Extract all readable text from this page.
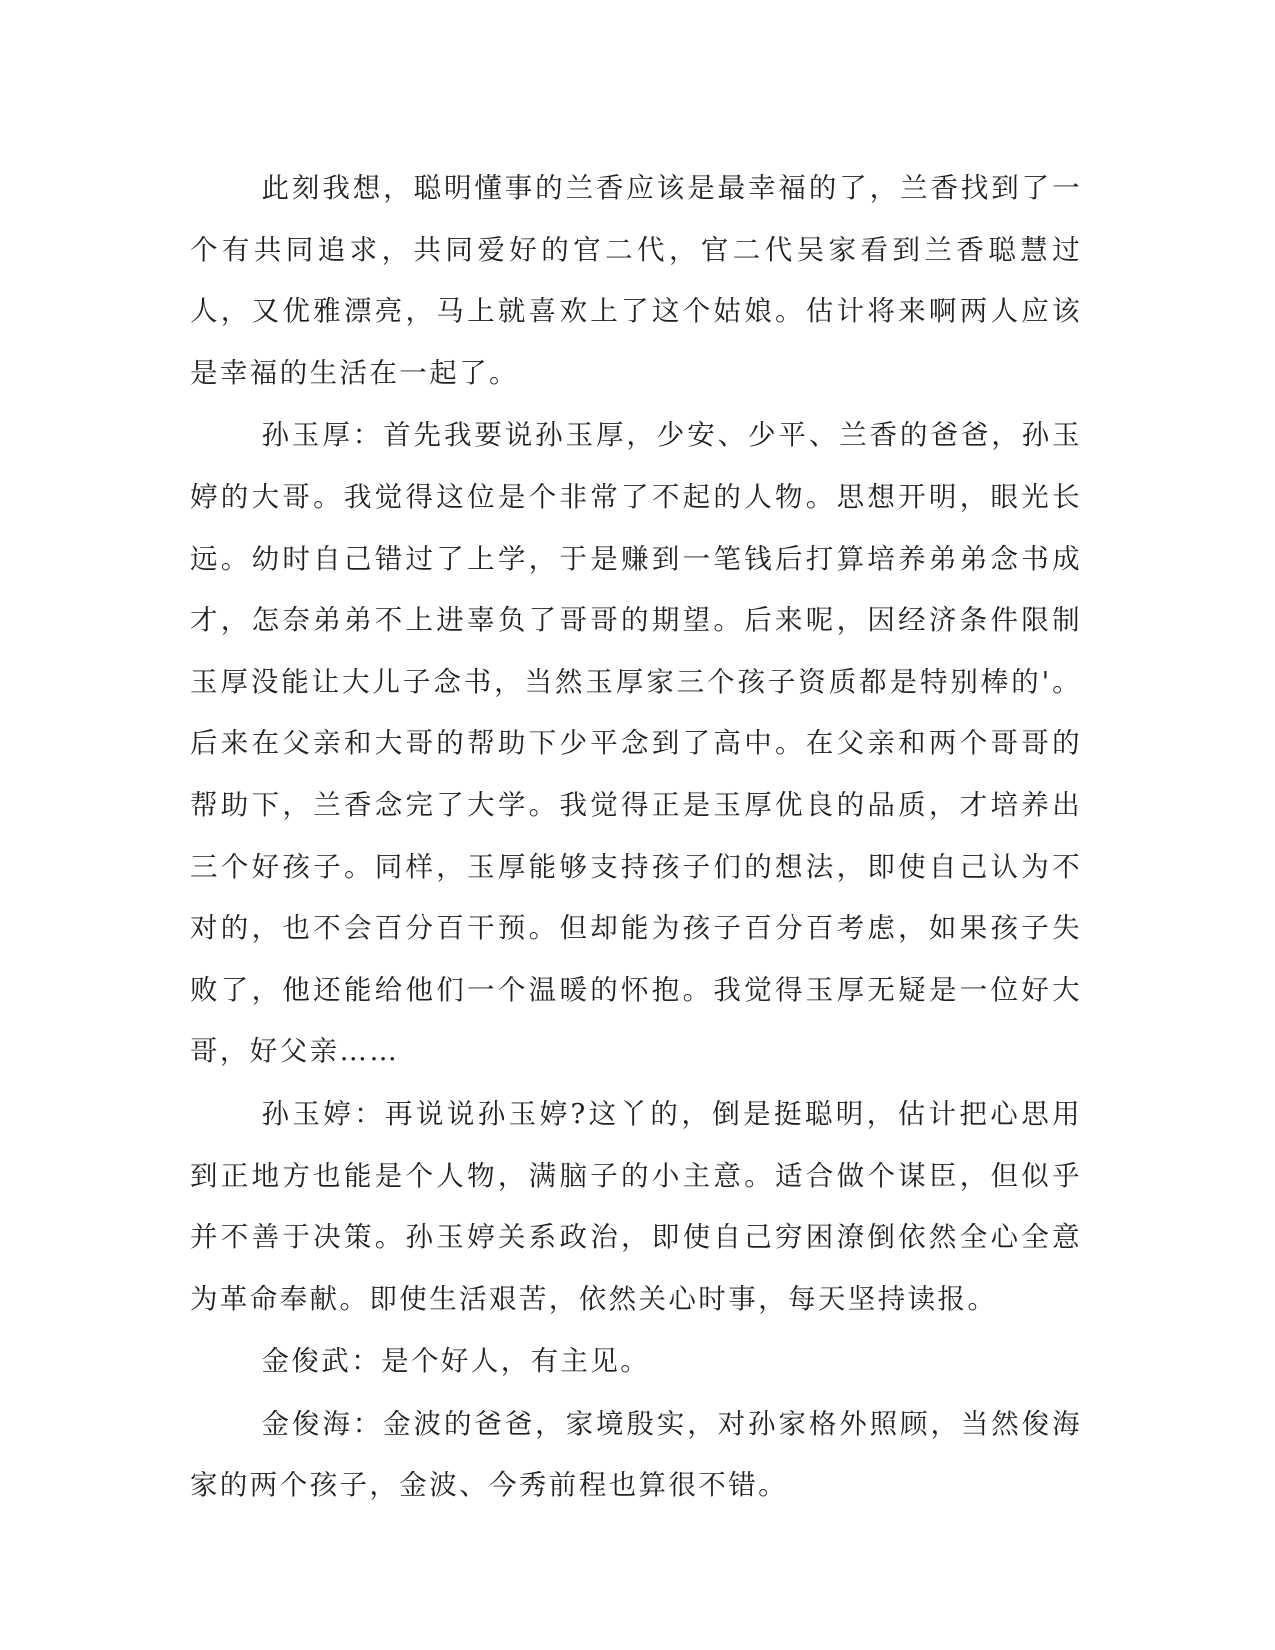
此刻我想，聪明懂事的兰香应该是最幸福的了，兰香找到了一个有共同追求，共同爱好的官二代，官二代吴家看到兰香聪慧过人，又优雅漂亮，马上就喜欢上了这个姑娘。估计将来啊两人应该是幸福的生活在一起了。

孙玉厚：首先我要说孙玉厚，少安、少平、兰香的爸爸，孙玉婷的大哥。我觉得这位是个非常了不起的人物。思想开明，眼光长远。幼时自己错过了上学，于是赚到一笔钱后打算培养弟弟念书成才，怎奈弟弟不上进辜负了哥哥的期望。后来呢，因经济条件限制玉厚没能让大儿子念书，当然玉厚家三个孩子资质都是特别棒的'。后来在父亲和大哥的帮助下少平念到了高中。在父亲和两个哥哥的帮助下，兰香念完了大学。我觉得正是玉厚优良的品质，才培养出三个好孩子。同样，玉厚能够支持孩子们的想法，即使自己认为不对的，也不会百分百干预。但却能为孩子百分百考虑，如果孩子失败了，他还能给他们一个温暖的怀抱。我觉得玉厚无疑是一位好大哥，好父亲……

孙玉婷：再说说孙玉婷?这丫的，倒是挺聪明，估计把心思用到正地方也能是个人物，满脑子的小主意。适合做个谋臣，但似乎并不善于决策。孙玉婷关系政治，即使自己穷困潦倒依然全心全意为革命奉献。即使生活艰苦，依然关心时事，每天坚持读报。

金俊武：是个好人，有主见。

金俊海：金波的爸爸，家境殷实，对孙家格外照顾，当然俊海家的两个孩子，金波、今秀前程也算很不错。
